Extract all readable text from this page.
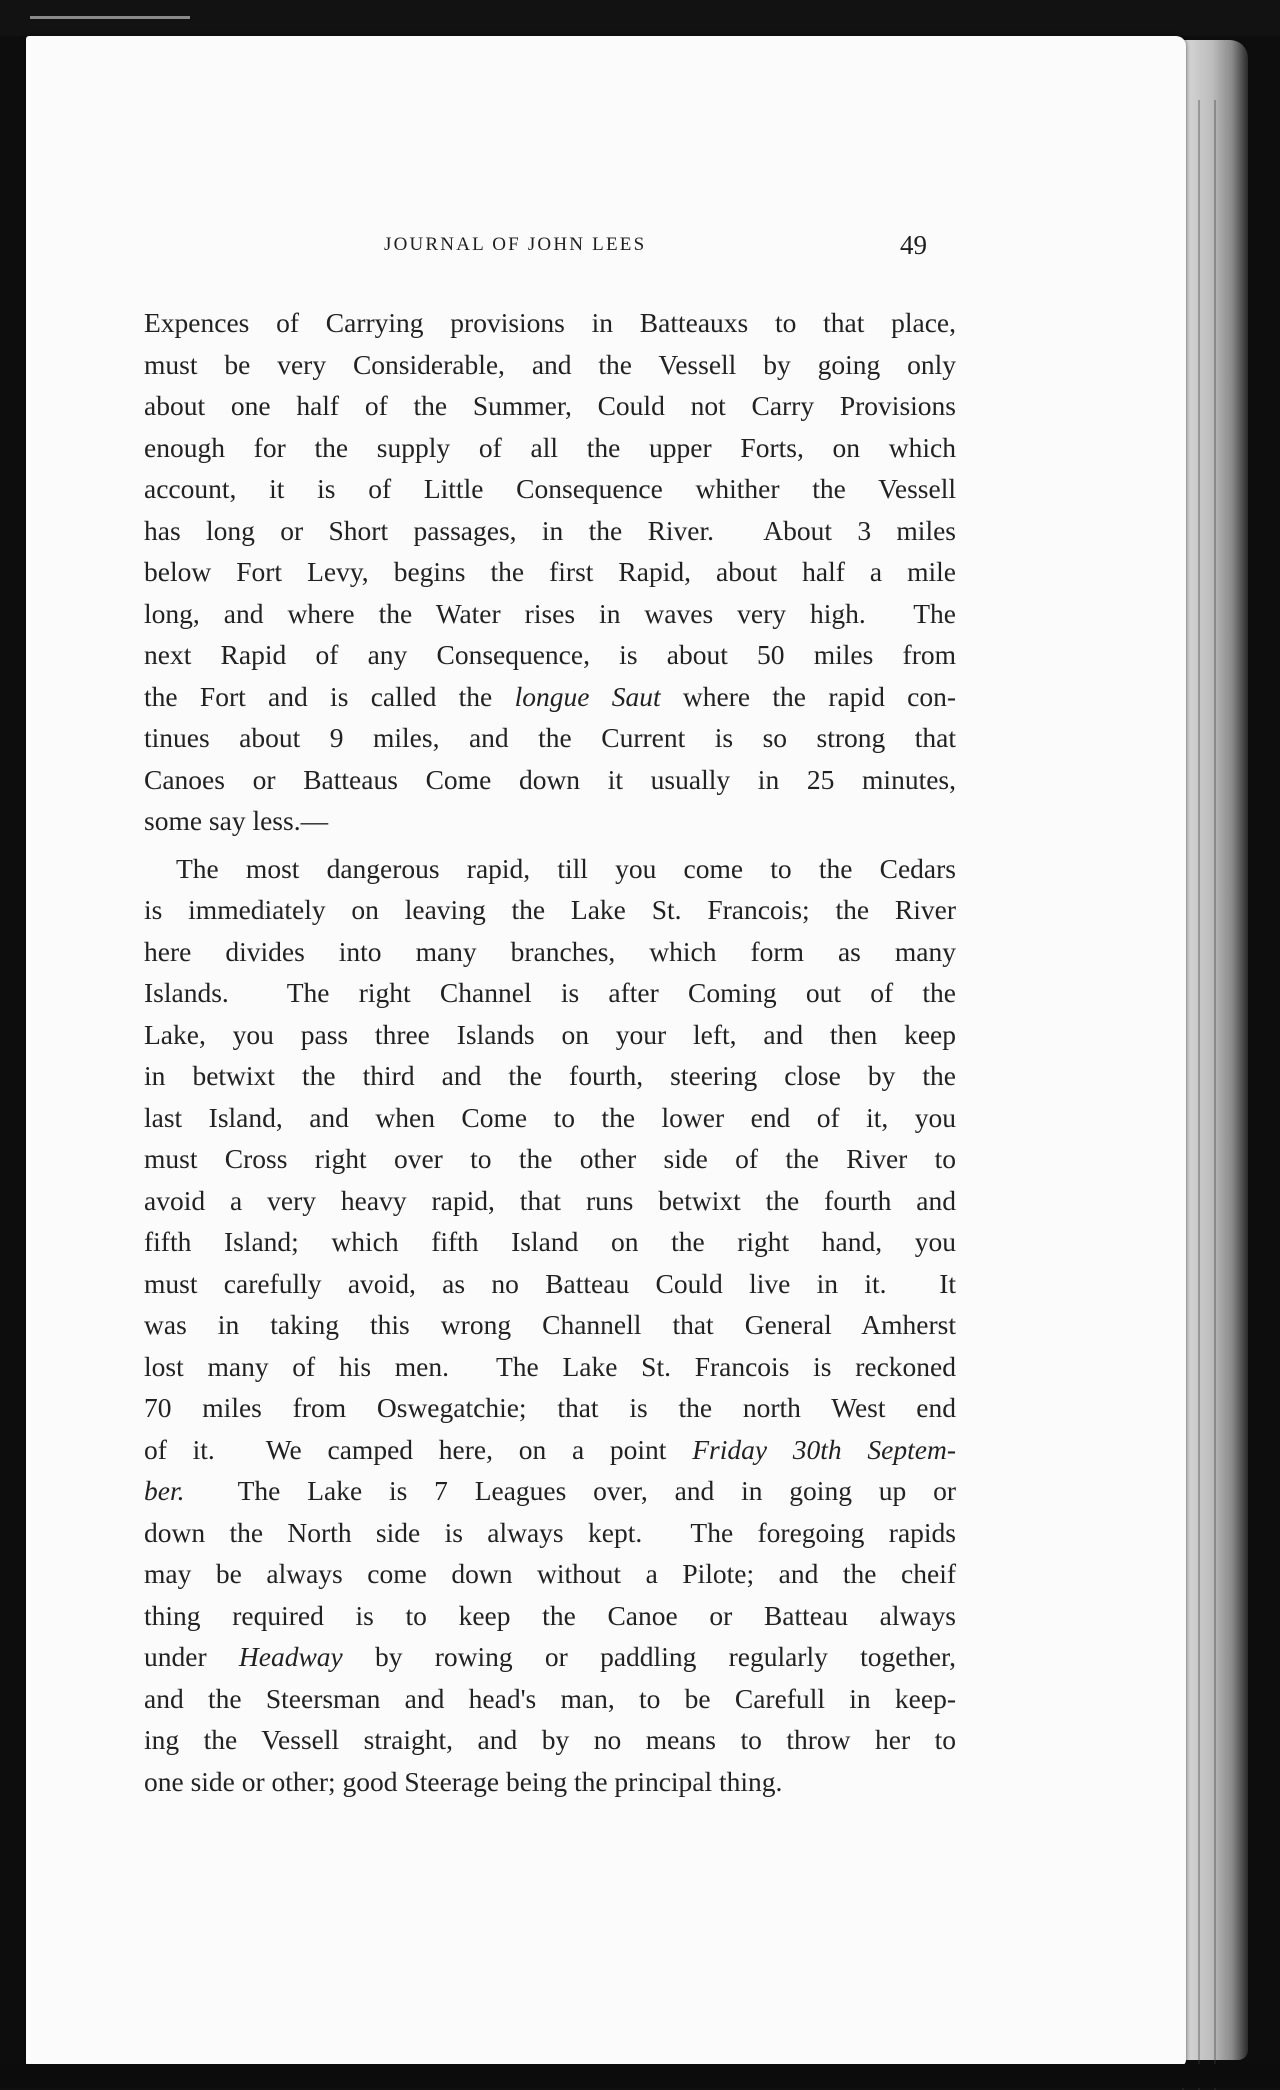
JOURNAL OF JOHN LEES	49
Expences of Carrying provisions in Batteauxs to that place,
must be very Considerable, and the Vessell by going only
about one half of the Summer, Could not Carry Provisions
enough for the supply of all the upper Forts, on which
account, it is of Little Consequence whither the Vessell
has long or Short passages, in the River.  About 3 miles
below Fort Levy, begins the first Rapid, about half a mile
long, and where the Water rises in waves very high.  The
next Rapid of any Consequence, is about 50 miles from
the Fort and is called the longue Saut where the rapid con-
tinues about 9 miles, and the Current is so strong that
Canoes or Batteaus Come down it usually in 25 minutes,
some say less.—
The most dangerous rapid, till you come to the Cedars
is immediately on leaving the Lake St. Francois; the River
here divides into many branches, which form as many
Islands.  The right Channel is after Coming out of the
Lake, you pass three Islands on your left, and then keep
in betwixt the third and the fourth, steering close by the
last Island, and when Come to the lower end of it, you
must Cross right over to the other side of the River to
avoid a very heavy rapid, that runs betwixt the fourth and
fifth Island; which fifth Island on the right hand, you
must carefully avoid, as no Batteau Could live in it.  It
was in taking this wrong Channell that General Amherst
lost many of his men.  The Lake St. Francois is reckoned
70 miles from Oswegatchie; that is the north West end
of it.  We camped here, on a point Friday 30th Septem-
ber.  The Lake is 7 Leagues over, and in going up or
down the North side is always kept.  The foregoing rapids
may be always come down without a Pilote; and the cheif
thing required is to keep the Canoe or Batteau always
under Headway by rowing or paddling regularly together,
and the Steersman and head's man, to be Carefull in keep-
ing the Vessell straight, and by no means to throw her to
one side or other; good Steerage being the principal thing.
